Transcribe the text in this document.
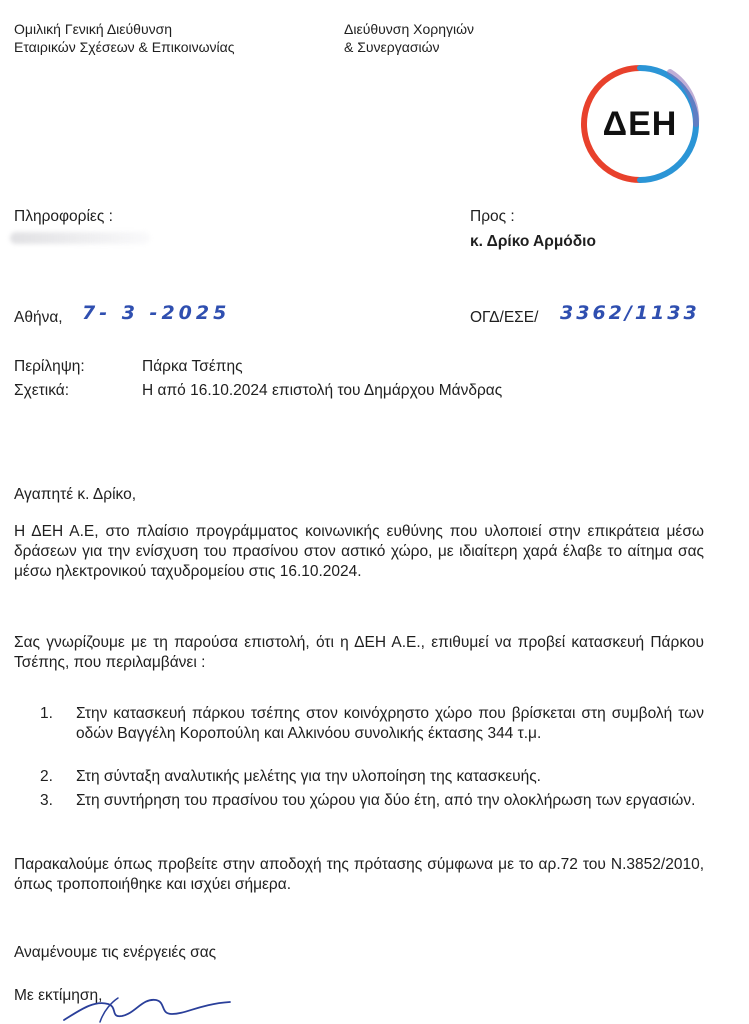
Ομιλική Γενική Διεύθυνση
Εταιρικών Σχέσεων & Επικοινωνίας
Διεύθυνση Χορηγιών
& Συνεργασιών
ΔΕΗ
Πληροφορίες :	Προς :
κ. Δρίκο Αρμόδιο
Αθήνα, 7- 3 -2025	ΟΓΔ/ΕΣΕ/ 3362/1133
Περίληψη:	Πάρκα Τσέπης
Σχετικά:	Η από 16.10.2024 επιστολή του Δημάρχου Μάνδρας
Αγαπητέ κ. Δρίκο,
Η ΔΕΗ Α.Ε, στο πλαίσιο προγράμματος κοινωνικής ευθύνης που υλοποιεί στην επικράτεια μέσω δράσεων για την ενίσχυση του πρασίνου στον αστικό χώρο, με ιδιαίτερη χαρά έλαβε το αίτημα σας μέσω ηλεκτρονικού ταχυδρομείου στις 16.10.2024.
Σας γνωρίζουμε με τη παρούσα επιστολή, ότι η ΔΕΗ Α.Ε., επιθυμεί να προβεί κατασκευή Πάρκου Τσέπης, που περιλαμβάνει :
1. Στην κατασκευή πάρκου τσέπης στον κοινόχρηστο χώρο που βρίσκεται στη συμβολή των οδών Βαγγέλη Κοροπούλη και Αλκινόου συνολικής έκτασης 344 τ.μ.
2. Στη σύνταξη αναλυτικής μελέτης για την υλοποίηση της κατασκευής.
3. Στη συντήρηση του πρασίνου του χώρου για δύο έτη, από την ολοκλήρωση των εργασιών.
Παρακαλούμε όπως προβείτε στην αποδοχή της πρότασης σύμφωνα με το αρ.72 του Ν.3852/2010, όπως τροποποιήθηκε και ισχύει σήμερα.
Αναμένουμε τις ενέργειές σας
Με εκτίμηση,
